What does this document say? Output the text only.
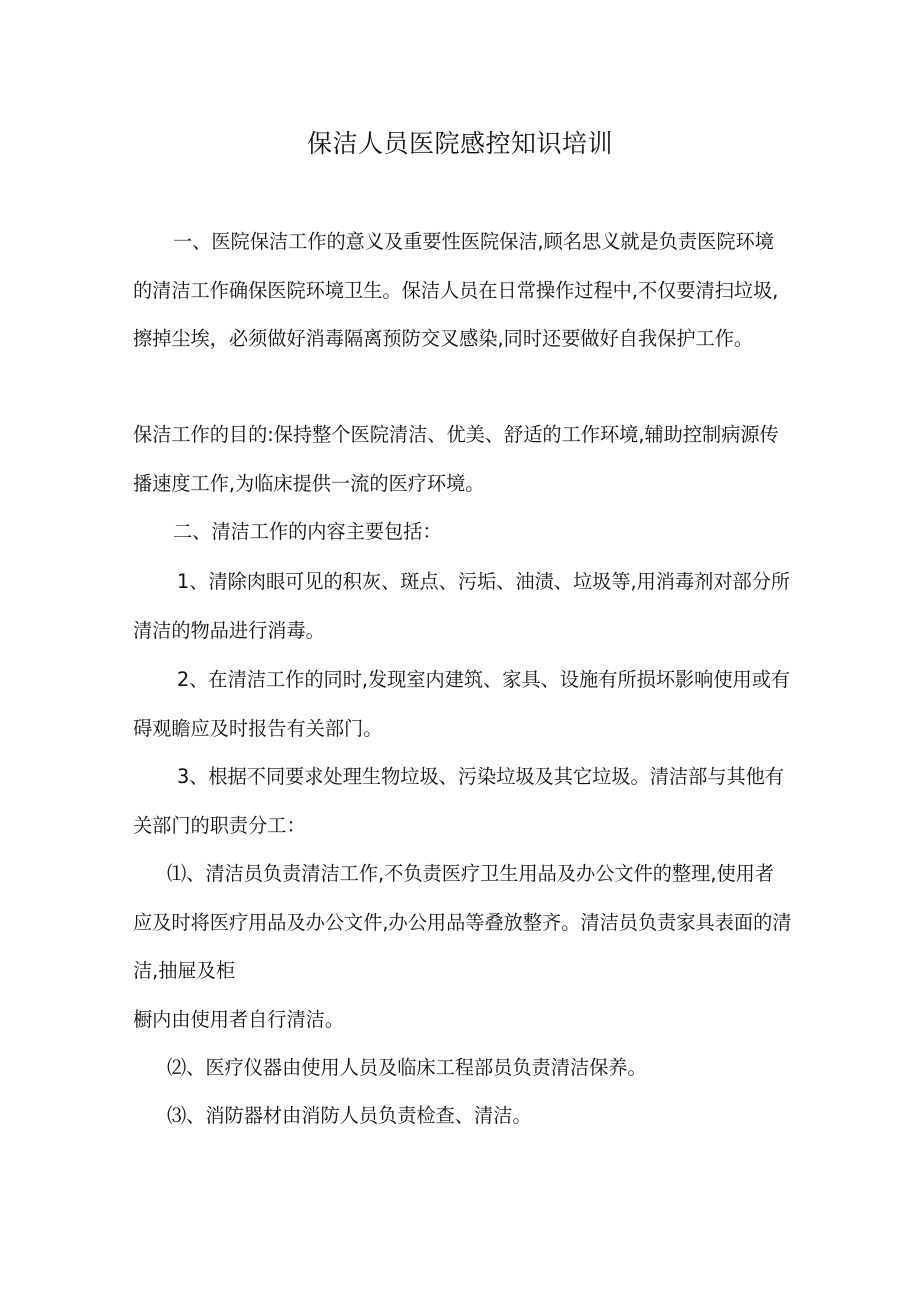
保洁人员医院感控知识培训

一、医院保洁工作的意义及重要性医院保洁,顾名思义就是负责医院环境的清洁工作确保医院环境卫生。保洁人员在日常操作过程中,不仅要清扫垃圾,擦掉尘埃，必须做好消毒隔离预防交叉感染,同时还要做好自我保护工作。

保洁工作的目的:保持整个医院清洁、优美、舒适的工作环境,辅助控制病源传播速度工作,为临床提供一流的医疗环境。

二、清洁工作的内容主要包括：

1、清除肉眼可见的积灰、斑点、污垢、油渍、垃圾等,用消毒剂对部分所清洁的物品进行消毒。

2、在清洁工作的同时,发现室内建筑、家具、设施有所损坏影响使用或有碍观瞻应及时报告有关部门。

3、根据不同要求处理生物垃圾、污染垃圾及其它垃圾。清洁部与其他有关部门的职责分工：

⑴、清洁员负责清洁工作,不负责医疗卫生用品及办公文件的整理,使用者应及时将医疗用品及办公文件,办公用品等叠放整齐。清洁员负责家具表面的清洁,抽屉及柜

橱内由使用者自行清洁。

⑵、医疗仪器由使用人员及临床工程部员负责清洁保养。

⑶、消防器材由消防人员负责检查、清洁。
